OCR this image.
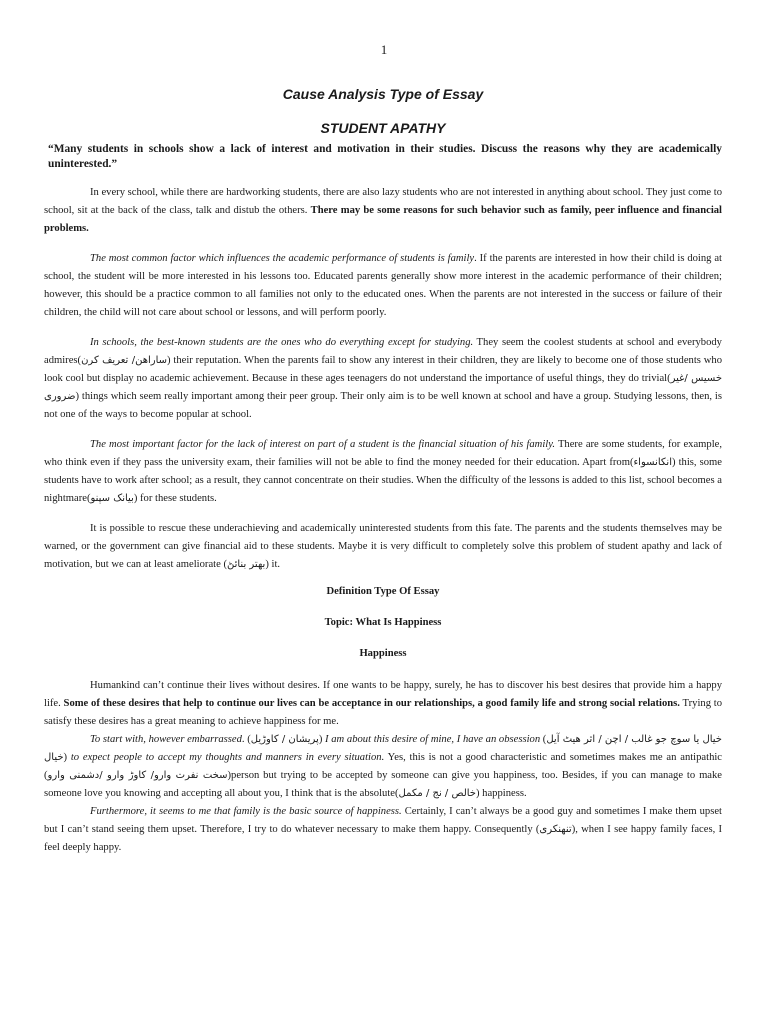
1
Cause Analysis Type of Essay
STUDENT APATHY
“Many students in schools show a lack of interest and motivation in their studies. Discuss the reasons why they are academically uninterested.”

In every school, while there are hardworking students, there are also lazy students who are not interested in anything about school. They just come to school, sit at the back of the class, talk and distub the others. There may be some reasons for such behavior such as family, peer influence and financial problems.

The most common factor which influences the academic performance of students is family. If the parents are interested in how their child is doing at school, the student will be more interested in his lessons too. Educated parents generally show more interest in the academic performance of their children; however, this should be a practice common to all families not only to the educated ones. When the parents are not interested in the success or failure of their children, the child will not care about school or lessons, and will perform poorly.

In schools, the best-known students are the ones who do everything except for studying. They seem the coolest students at school and everybody admires(ساراهن/ تعریف کرن) their reputation. When the parents fail to show any interest in their children, they are likely to become one of those students who look cool but display no academic achievement. Because in these ages teenagers do not understand the importance of useful things, they do trivial(خسیس /غیر ضروری) things which seem really important among their peer group. Their only aim is to be well known at school and have a group. Studying lessons, then, is not one of the ways to become popular at school.

The most important factor for the lack of interest on part of a student is the financial situation of his family. There are some students, for example, who think even if they pass the university exam, their families will not be able to find the money needed for their education. Apart from(انکانسواء) this, some students have to work after school; as a result, they cannot concentrate on their studies. When the difficulty of the lessons is added to this list, school becomes a nightmare(بیانک سپنو) for these students.

It is possible to rescue these underachieving and academically uninterested students from this fate. The parents and the students themselves may be warned, or the government can give financial aid to these students. Maybe it is very difficult to completely solve this problem of student apathy and lack of motivation, but we can at least ameliorate (بهتر بنائڻ) it.

Definition Type Of Essay
Topic: What Is Happiness
Happiness

Humankind can’t continue their lives without desires. If one wants to be happy, surely, he has to discover his best desires that provide him a happy life. Some of these desires that help to continue our lives can be acceptance in our relationships, a good family life and strong social relations. Trying to satisfy these desires has a great meaning to achieve happiness for me.

To start with, however embarrassed. (پریشان / کاوڑیل) I am about this desire of mine, I have an obsession (خیال یا سوچ جو غالب / اچن / اثر هیٹ آیل خیال) to expect people to accept my thoughts and manners in every situation. Yes, this is not a good characteristic and sometimes makes me an antipathic (سخت نفرت وارو/ کاوڑ وارو /دشمنی وارو)person but trying to be accepted by someone can give you happiness, too. Besides, if you can manage to make someone love you knowing and accepting all about you, I think that is the absolute(خالص / نج / مکمل) happiness.

Furthermore, it seems to me that family is the basic source of happiness. Certainly, I can’t always be a good guy and sometimes I make them upset but I can’t stand seeing them upset. Therefore, I try to do whatever necessary to make them happy. Consequently (تنهنکری), when I see happy family faces, I feel deeply happy.
